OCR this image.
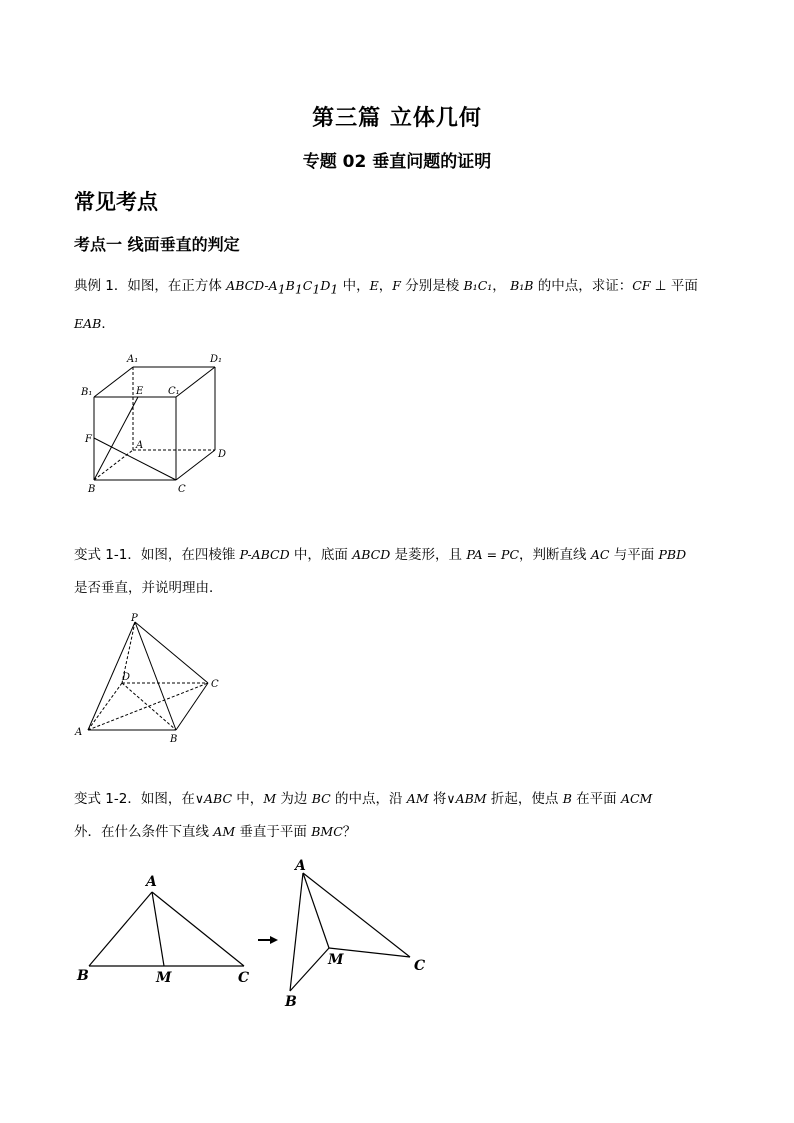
第三篇 立体几何
专题 02 垂直问题的证明
常见考点
考点一 线面垂直的判定
典例 1．如图，在正方体 ABCD-$A_1B_1C_1D_1$ 中，E，F 分别是棱 B₁C₁， B₁B 的中点，求证：CF ⊥ 平面
EAB．
A₁	D₁
B₁	E C₁
F
A
D
B	C
变式 1-1．如图，在四棱锥 P-ABCD 中，底面 ABCD 是菱形，且 PA = PC，判断直线 AC 与平面 PBD
是否垂直，并说明理由．
P
D
C
A
B
变式 1-2．如图，在∨ABC 中，M 为边 BC 的中点，沿 AM 将∨ABM 折起，使点 B 在平面 ACM
外．在什么条件下直线 AM 垂直于平面 BMC？
A
B	M	C
A
M	C
B
